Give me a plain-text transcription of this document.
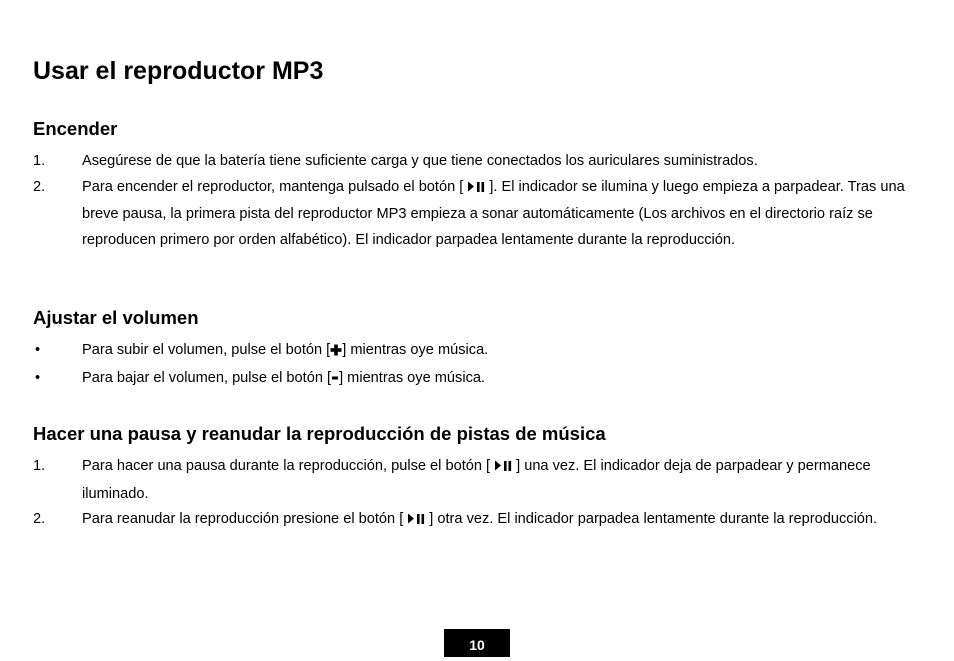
Usar el reproductor MP3
Encender
1.	Asegúrese de que la batería tiene suficiente carga y que tiene conectados los auriculares suministrados.
2.	Para encender el reproductor, mantenga pulsado el botón [ ]. El indicador se ilumina y luego empieza a parpadear. Tras una breve pausa, la primera pista del reproductor MP3 empieza a sonar automáticamente (Los archivos en el directorio raíz se reproducen primero por orden alfabético). El indicador parpadea lentamente durante la reproducción.
Ajustar el volumen
•	Para subir el volumen, pulse el botón [ ] mientras oye música.
•	Para bajar el volumen, pulse el botón [ ] mientras oye música.
Hacer una pausa y reanudar la reproducción de pistas de música
1.	Para hacer una pausa durante la reproducción, pulse el botón [ ] una vez. El indicador deja de parpadear y permanece iluminado.
2.	Para reanudar la reproducción presione el botón [ ] otra vez. El indicador parpadea lentamente durante la reproducción.
10
